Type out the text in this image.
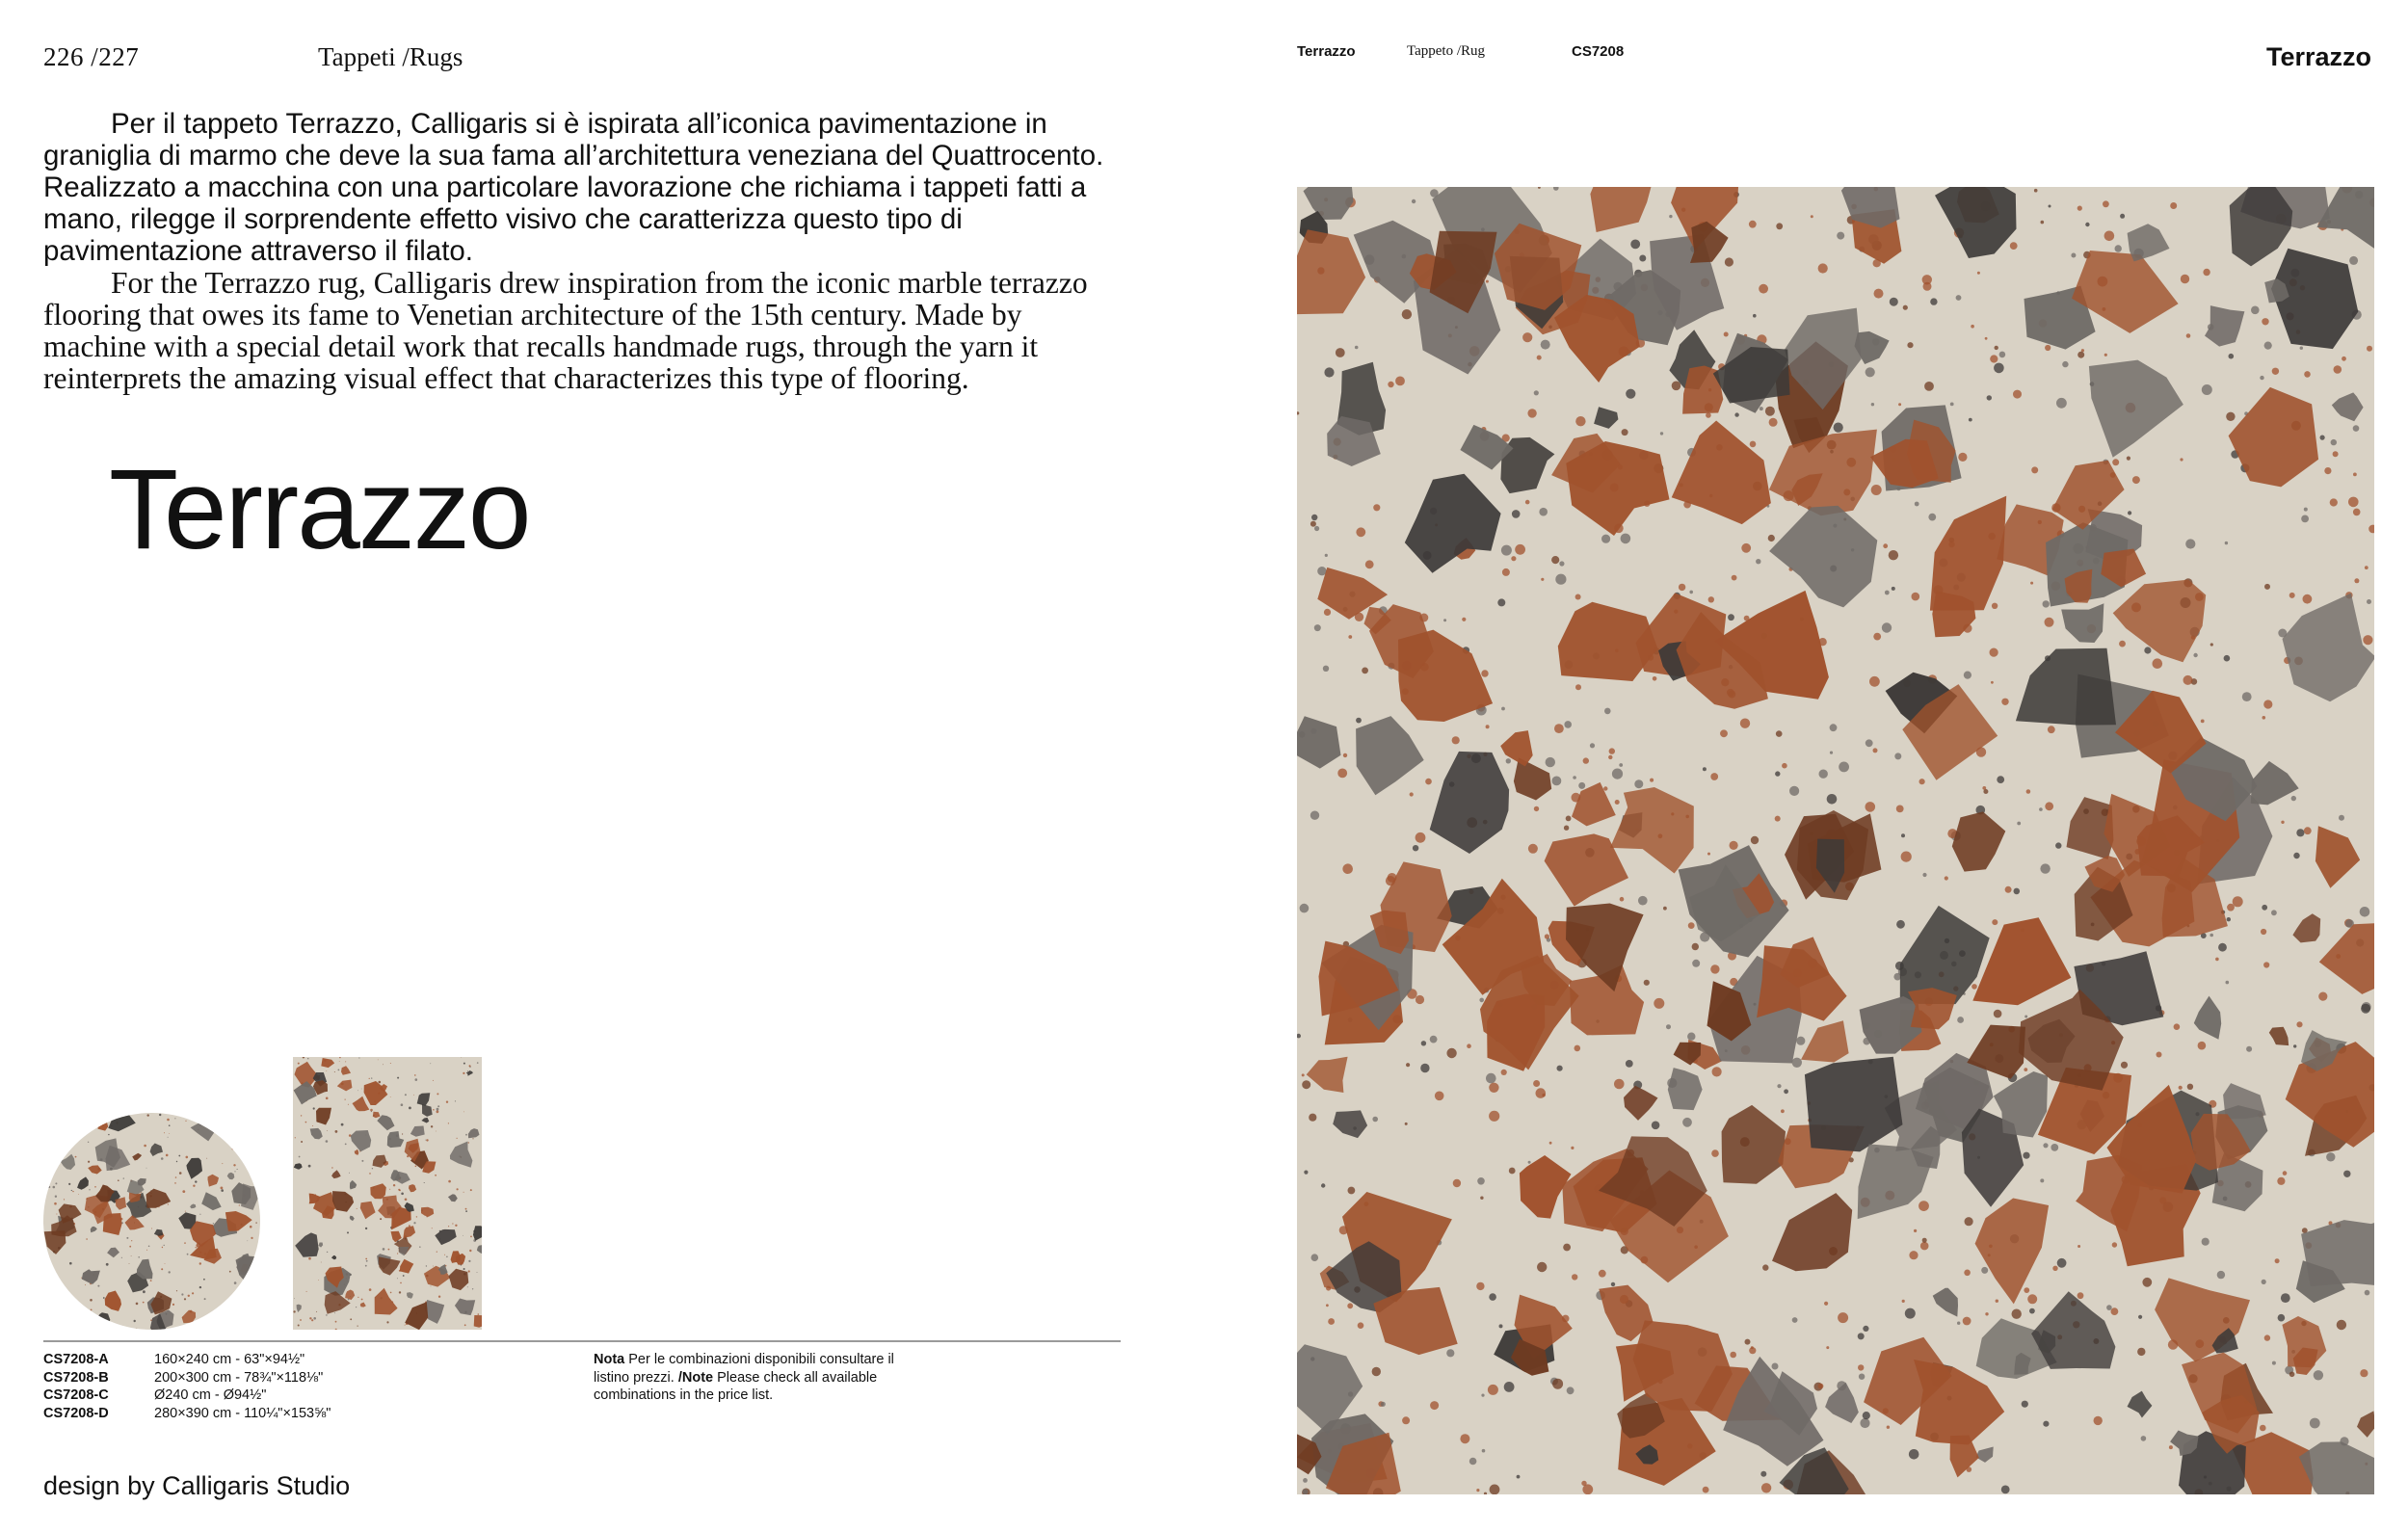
226 /227	Tappeti /Rugs

Per il tappeto Terrazzo, Calligaris si è ispirata all’iconica pavimentazione in graniglia di marmo che deve la sua fama all’architettura veneziana del Quattrocento. Realizzato a macchina con una particolare lavorazione che richiama i tappeti fatti a mano, rilegge il sorprendente effetto visivo che caratterizza questo tipo di pavimentazione attraverso il filato.

For the Terrazzo rug, Calligaris drew inspiration from the iconic marble terrazzo flooring that owes its fame to Venetian architecture of the 15th century. Made by machine with a special detail work that recalls handmade rugs, through the yarn it reinterprets the amazing visual effect that characterizes this type of flooring.

Terrazzo
CS7208-A	160×240 cm - 63"×94½"
CS7208-B	200×300 cm - 78¾"×118⅛"
CS7208-C	Ø240 cm - Ø94½"
CS7208-D	280×390 cm - 110¼"×153⅝"
Nota Per le combinazioni disponibili consultare il listino prezzi. /Note Please check all available combinations in the price list.
design by Calligaris Studio
Terrazzo	Tappeto /Rug	CS7208	Terrazzo
